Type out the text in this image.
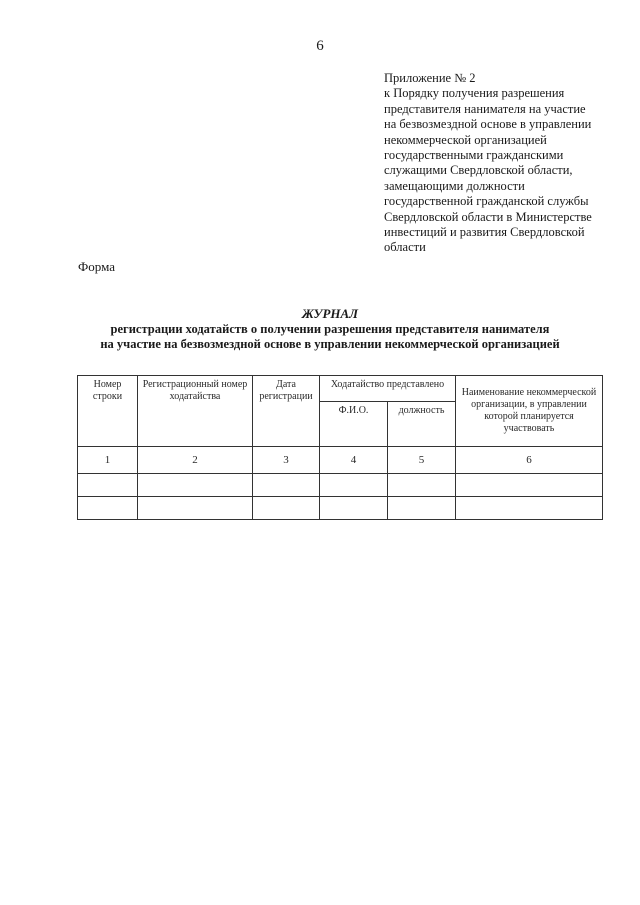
6
Приложение № 2
к Порядку получения разрешения
представителя нанимателя на участие
на безвозмездной основе в управлении
некоммерческой организацией
государственными гражданскими
служащими Свердловской области,
замещающими должности
государственной гражданской службы
Свердловской области в Министерстве
инвестиций и развития Свердловской
области
Форма
ЖУРНАЛ
регистрации ходатайств о получении разрешения представителя нанимателя
на участие на безвозмездной основе в управлении некоммерческой организацией
Номер строки	Регистрационный номер ходатайства	Дата регистрации	Ходатайство представлено		Наименование некоммерческой организации, в управлении которой планируется участвовать
			Ф.И.О.	должность	
1	2	3	4	5	6
